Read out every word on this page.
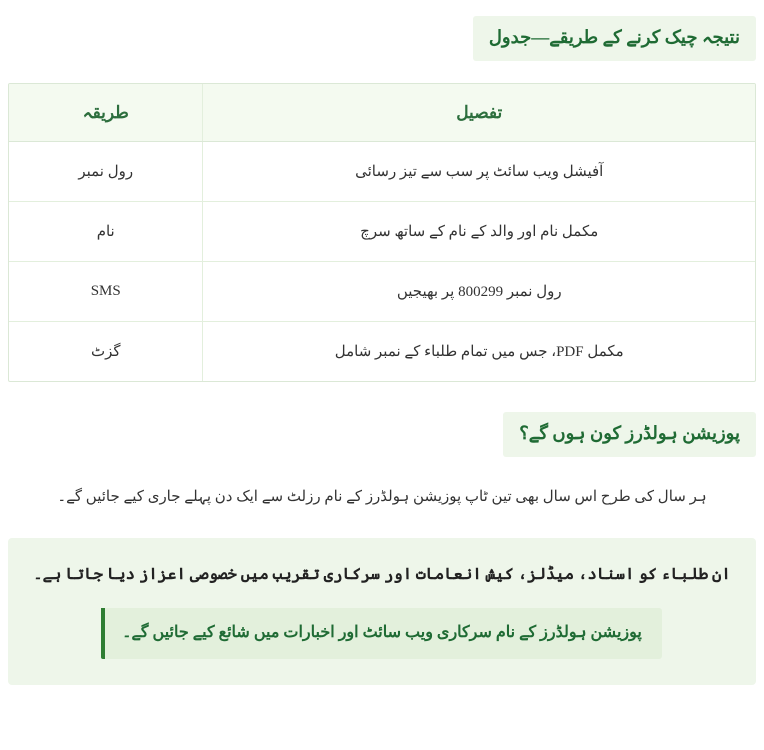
نتیجہ چیک کرنے کے طریقے—جدول
تفصیل	طریقہ
آفیشل ویب سائٹ پر سب سے تیز رسائی	رول نمبر
مکمل نام اور والد کے نام کے ساتھ سرچ	نام
رول نمبر 800299 پر بھیجیں	SMS
مکمل PDF، جس میں تمام طلباء کے نمبر شامل	گزٹ
پوزیشن ہولڈرز کون ہوں گے؟
ہر سال کی طرح اس سال بھی تین ٹاپ پوزیشن ہولڈرز کے نام رزلٹ سے ایک دن پہلے جاری کیے جائیں گے۔
ان طلباء کو اسناد، میڈلز، کیش انعامات اور سرکاری تقریب میں خصوصی اعزاز دیا جاتا ہے۔
پوزیشن ہولڈرز کے نام سرکاری ویب سائٹ اور اخبارات میں شائع کیے جائیں گے۔
